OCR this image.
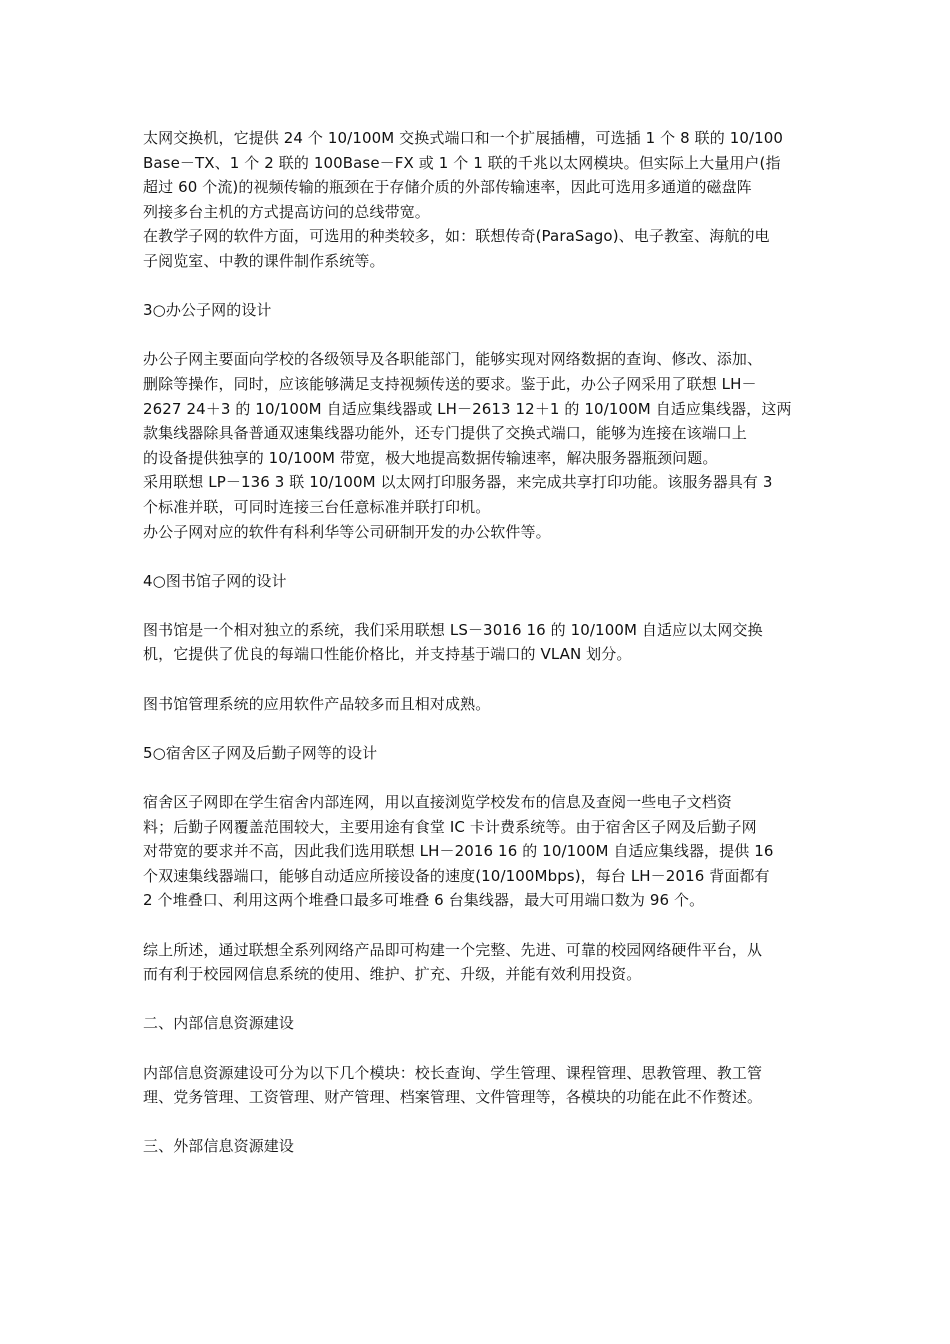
太网交换机，它提供 24 个 10/100M 交换式端口和一个扩展插槽，可选插 1 个 8 联的 10/100
Base－TX、1 个 2 联的 100Base－FX 或 1 个 1 联的千兆以太网模块。但实际上大量用户(指
超过 60 个流)的视频传输的瓶颈在于存储介质的外部传输速率，因此可选用多通道的磁盘阵
列接多台主机的方式提高访问的总线带宽。
在教学子网的软件方面，可选用的种类较多，如：联想传奇(ParaSago)、电子教室、海航的电
子阅览室、中教的课件制作系统等。
3○办公子网的设计
办公子网主要面向学校的各级领导及各职能部门，能够实现对网络数据的查询、修改、添加、
删除等操作，同时，应该能够满足支持视频传送的要求。鉴于此，办公子网采用了联想 LH－
2627 24＋3 的 10/100M 自适应集线器或 LH－2613 12＋1 的 10/100M 自适应集线器，这两
款集线器除具备普通双速集线器功能外，还专门提供了交换式端口，能够为连接在该端口上
的设备提供独享的 10/100M 带宽，极大地提高数据传输速率，解决服务器瓶颈问题。
采用联想 LP－136 3 联 10/100M 以太网打印服务器，来完成共享打印功能。该服务器具有 3
个标准并联，可同时连接三台任意标准并联打印机。
办公子网对应的软件有科利华等公司研制开发的办公软件等。
4○图书馆子网的设计
图书馆是一个相对独立的系统，我们采用联想 LS－3016 16 的 10/100M 自适应以太网交换
机，它提供了优良的每端口性能价格比，并支持基于端口的 VLAN 划分。
图书馆管理系统的应用软件产品较多而且相对成熟。
5○宿舍区子网及后勤子网等的设计
宿舍区子网即在学生宿舍内部连网，用以直接浏览学校发布的信息及查阅一些电子文档资
料；后勤子网覆盖范围较大，主要用途有食堂 IC 卡计费系统等。由于宿舍区子网及后勤子网
对带宽的要求并不高，因此我们选用联想 LH－2016 16 的 10/100M 自适应集线器，提供 16
个双速集线器端口，能够自动适应所接设备的速度(10/100Mbps)，每台 LH－2016 背面都有
2 个堆叠口、利用这两个堆叠口最多可堆叠 6 台集线器，最大可用端口数为 96 个。
综上所述，通过联想全系列网络产品即可构建一个完整、先进、可靠的校园网络硬件平台，从
而有利于校园网信息系统的使用、维护、扩充、升级，并能有效利用投资。
二、内部信息资源建设
内部信息资源建设可分为以下几个模块：校长查询、学生管理、课程管理、思教管理、教工管
理、党务管理、工资管理、财产管理、档案管理、文件管理等，各模块的功能在此不作赘述。
三、外部信息资源建设
